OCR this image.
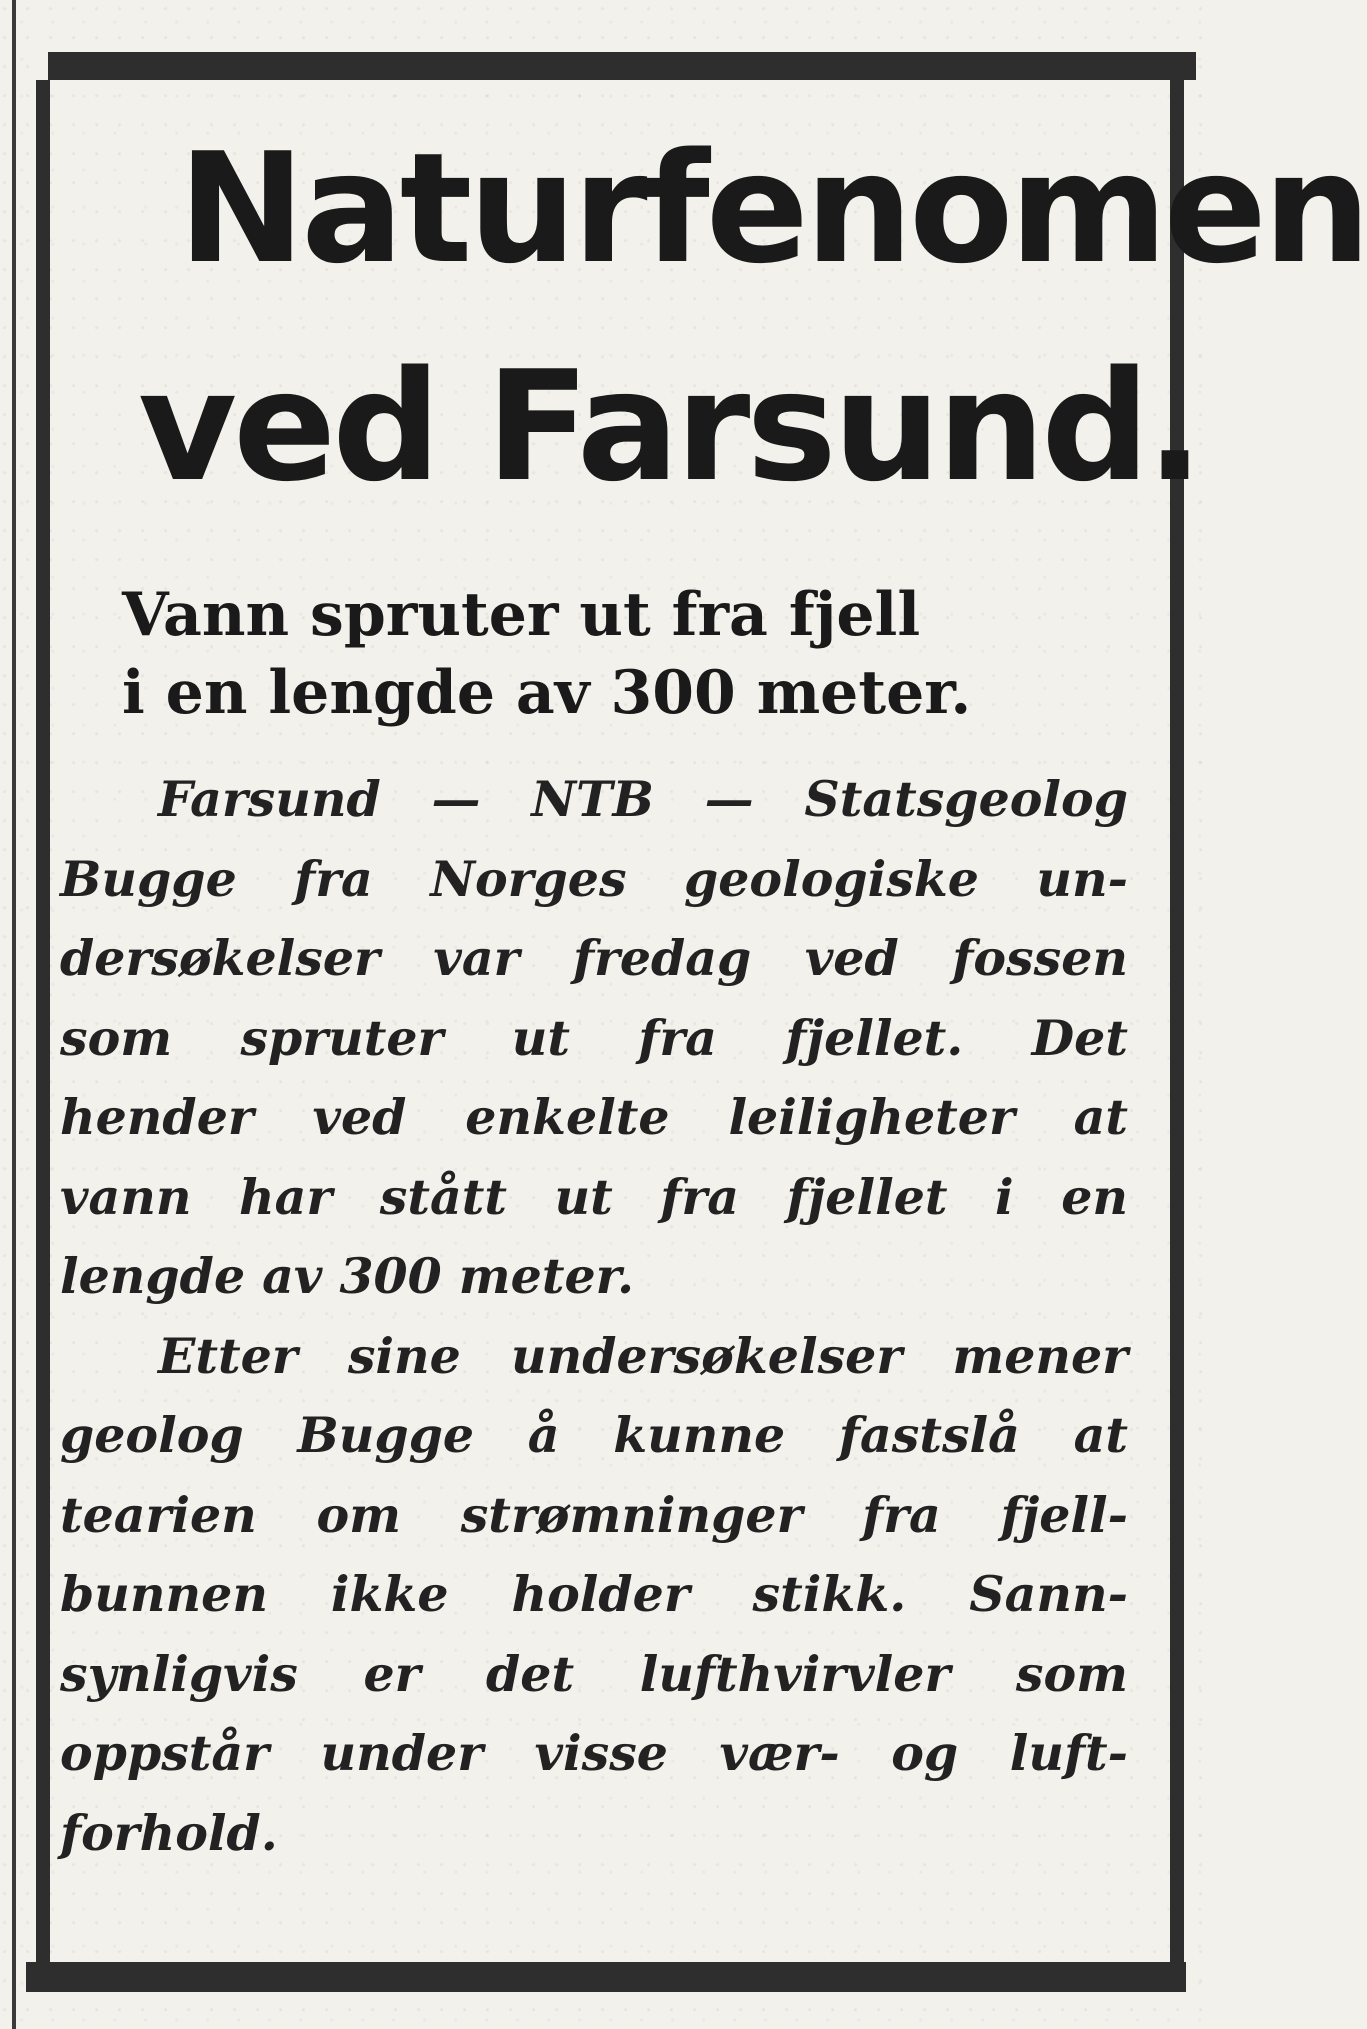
Naturfenomen
ved Farsund.
Vann spruter ut fra fjell
i en lengde av 300 meter.

Farsund — NTB — Statsgeolog
Bugge fra Norges geologiske un-
dersøkelser var fredag ved fossen
som spruter ut fra fjellet. Det
hender ved enkelte leiligheter at
vann har stått ut fra fjellet i en
lengde av 300 meter.

Etter sine undersøkelser mener
geolog Bugge å kunne fastslå at
tearien om strømninger fra fjell-
bunnen ikke holder stikk. Sann-
synligvis er det lufthvirvler som
oppstår under visse vær- og luft-
forhold.
